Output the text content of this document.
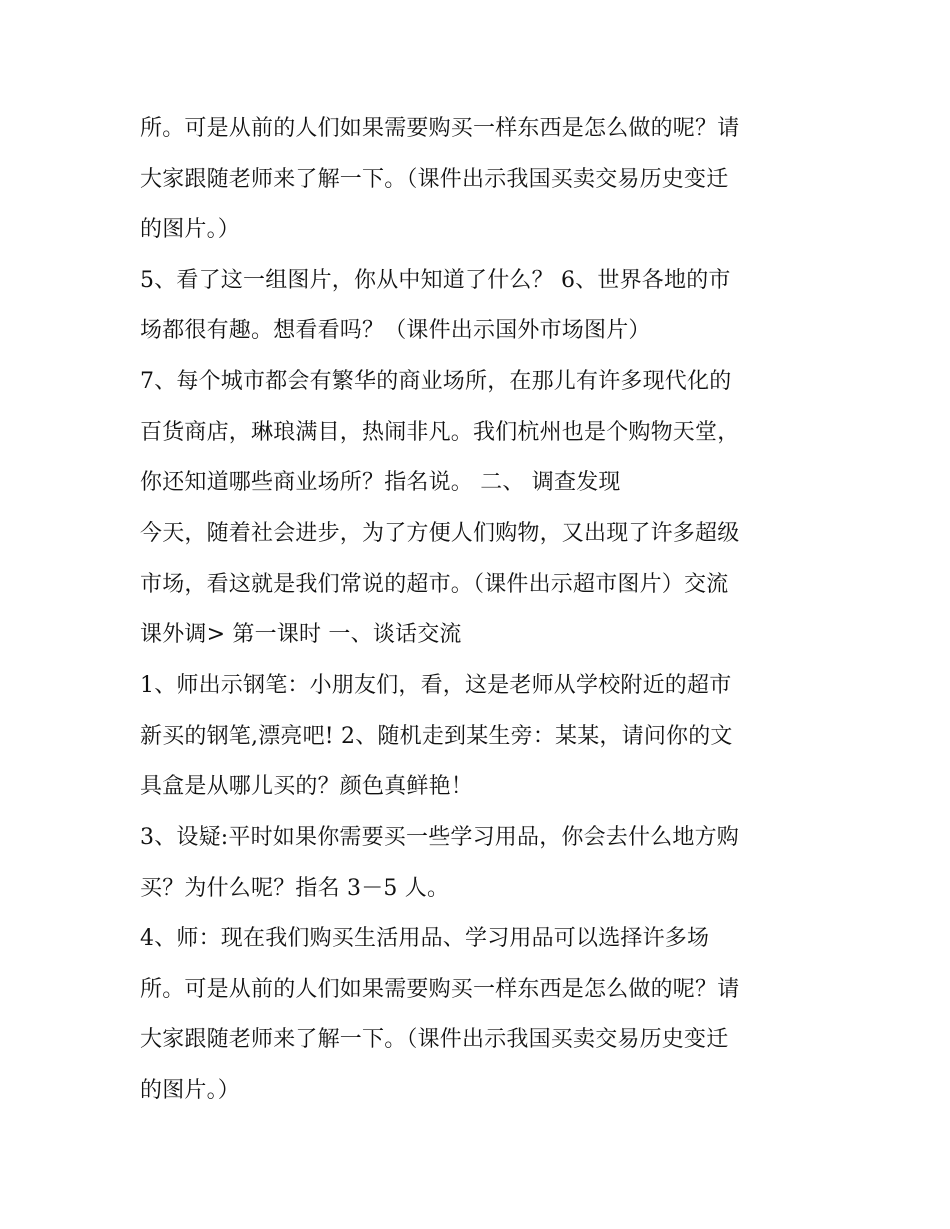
所。可是从前的人们如果需要购买一样东西是怎么做的呢？请
大家跟随老师来了解一下。（课件出示我国买卖交易历史变迁
的图片。）
5、看了这一组图片，你从中知道了什么？ 6、世界各地的市
场都很有趣。想看看吗？（课件出示国外市场图片）
7、每个城市都会有繁华的商业场所，在那儿有许多现代化的
百货商店，琳琅满目，热闹非凡。我们杭州也是个购物天堂，
你还知道哪些商业场所？指名说。 二、 调查发现
今天，随着社会进步，为了方便人们购物，又出现了许多超级
市场，看这就是我们常说的超市。（课件出示超市图片）交流
课外调> 第一课时 一、谈话交流
1、师出示钢笔：小朋友们，看，这是老师从学校附近的超市
新买的钢笔,漂亮吧! 2、随机走到某生旁：某某，请问你的文
具盒是从哪儿买的？颜色真鲜艳！
3、设疑:平时如果你需要买一些学习用品，你会去什么地方购
买？为什么呢？指名 3－5 人。
4、师：现在我们购买生活用品、学习用品可以选择许多场
所。可是从前的人们如果需要购买一样东西是怎么做的呢？请
大家跟随老师来了解一下。（课件出示我国买卖交易历史变迁
的图片。）
